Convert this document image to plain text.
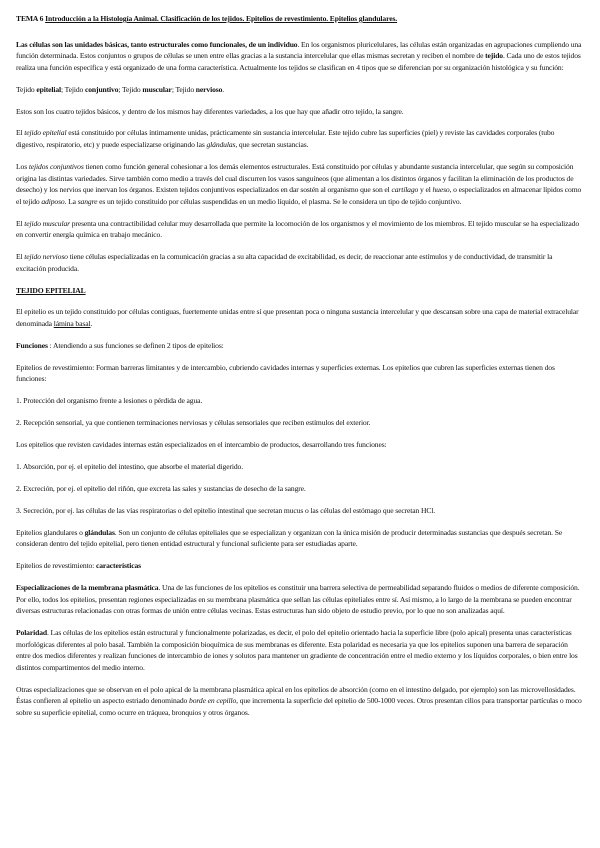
TEMA 6 Introducción a la Histología Animal. Clasificación de los tejidos. Epitelios de revestimiento. Epitelios glandulares.

Las células son las unidades básicas, tanto estructurales como funcionales, de un individuo. En los organismos pluricelulares, las células están organizadas en agrupaciones cumpliendo una función determinada. Estos conjuntos o grupos de células se unen entre ellas gracias a la sustancia intercelular que ellas mismas secretan y reciben el nombre de tejido. Cada uno de estos tejidos realiza una función específica y está organizado de una forma característica. Actualmente los tejidos se clasifican en 4 tipos que se diferencian por su organización histológica y su función:

Tejido epitelial; Tejido conjuntivo; Tejido muscular; Tejido nervioso.

Estos son los cuatro tejidos básicos, y dentro de los mismos hay diferentes variedades, a los que hay que añadir otro tejido, la sangre.

El tejido epitelial está constituido por células íntimamente unidas, prácticamente sin sustancia intercelular. Este tejido cubre las superficies (piel) y reviste las cavidades corporales (tubo digestivo, respiratorio, etc) y puede especializarse originando las glándulas, que secretan sustancias.

Los tejidos conjuntivos tienen como función general cohesionar a los demás elementos estructurales. Está constituido por células y abundante sustancia intercelular, que según su composición origina las distintas variedades. Sirve también como medio a través del cual discurren los vasos sanguíneos (que alimentan a los distintos órganos y facilitan la eliminación de los productos de desecho) y los nervios que inervan los órganos. Existen tejidos conjuntivos especializados en dar sostén al organismo que son el cartílago y el hueso, o especializados en almacenar lípidos como el tejido adiposo. La sangre es un tejido constituido por células suspendidas en un medio líquido, el plasma. Se le considera un tipo de tejido conjuntivo.

El tejido muscular presenta una contractibilidad celular muy desarrollada que permite la locomoción de los organismos y el movimiento de los miembros. El tejido muscular se ha especializado en convertir energía química en trabajo mecánico.

El tejido nervioso tiene células especializadas en la comunicación gracias a su alta capacidad de excitabilidad, es decir, de reaccionar ante estímulos y de conductividad, de transmitir la excitación producida.

TEJIDO EPITELIAL

El epitelio es un tejido constituido por células contiguas, fuertemente unidas entre sí que presentan poca o ninguna sustancia intercelular y que descansan sobre una capa de material extracelular denominada lámina basal.

Funciones : Atendiendo a sus funciones se definen 2 tipos de epitelios:

Epitelios de revestimiento: Forman barreras limitantes y de intercambio, cubriendo cavidades internas y superficies externas. Los epitelios que cubren las superficies externas tienen dos funciones:

1. Protección del organismo frente a lesiones o pérdida de agua.

2. Recepción sensorial, ya que contienen terminaciones nerviosas y células sensoriales que reciben estímulos del exterior.

Los epitelios que revisten cavidades internas están especializados en el intercambio de productos, desarrollando tres funciones:

1. Absorción, por ej. el epitelio del intestino, que absorbe el material digerido.

2. Excreción, por ej. el epitelio del riñón, que excreta las sales y sustancias de desecho de la sangre.

3. Secreción, por ej. las células de las vías respiratorias o del epitelio intestinal que secretan mucus o las células del estómago que secretan HCl.

Epitelios glandulares o glándulas. Son un conjunto de células epiteliales que se especializan y organizan con la única misión de producir determinadas sustancias que después secretan. Se consideran dentro del tejido epitelial, pero tienen entidad estructural y funcional suficiente para ser estudiadas aparte.

Epitelios de revestimiento: características

Especializaciones de la membrana plasmática. Una de las funciones de los epitelios es constituir una barrera selectiva de permeabilidad separando fluidos o medios de diferente composición. Por ello, todos los epitelios, presentan regiones especializadas en su membrana plasmática que sellan las células epiteliales entre sí. Así mismo, a lo largo de la membrana se pueden encontrar diversas estructuras relacionadas con otras formas de unión entre células vecinas. Estas estructuras han sido objeto de estudio previo, por lo que no son analizadas aquí.

Polaridad. Las células de los epitelios están estructural y funcionalmente polarizadas, es decir, el polo del epitelio orientado hacia la superficie libre (polo apical) presenta unas características morfológicas diferentes al polo basal. También la composición bioquímica de sus membranas es diferente. Esta polaridad es necesaria ya que los epitelios suponen una barrera de separación entre dos medios diferentes y realizan funciones de intercambio de iones y solutos para mantener un gradiente de concentración entre el medio externo y los líquidos corporales, o bien entre los distintos compartimentos del medio interno.

Otras especializaciones que se observan en el polo apical de la membrana plasmática apical en los epitelios de absorción (como en el intestino delgado, por ejemplo) son las microvellosidades. Éstas confieren al epitelio un aspecto estriado denominado borde en cepillo, que incrementa la superficie del epitelio de 500-1000 veces. Otros presentan cilios para transportar partículas o moco sobre su superficie epitelial, como ocurre en tráquea, bronquios y otros órganos.
